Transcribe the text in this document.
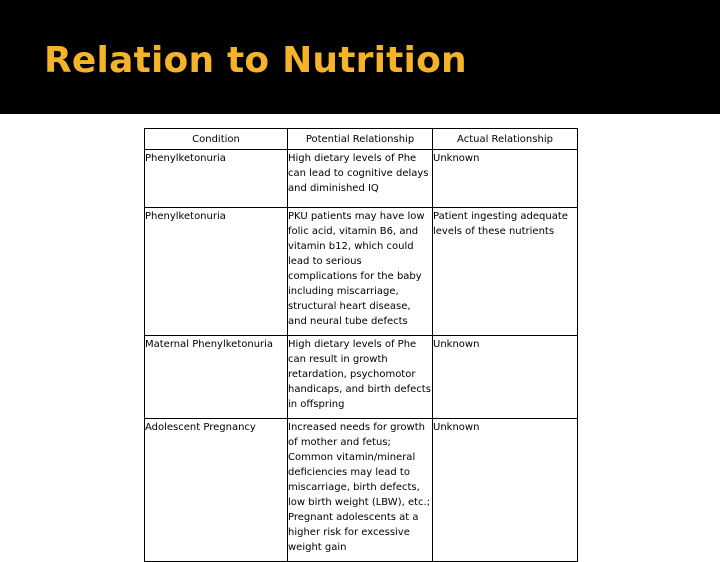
Relation to Nutrition
Condition	Potential Relationship	Actual Relationship
Phenylketonuria	High dietary levels of Phe can lead to cognitive delays and diminished IQ	Unknown
Phenylketonuria	PKU patients may have low folic acid, vitamin B6, and vitamin b12, which could lead to serious complications for the baby including miscarriage, structural heart disease, and neural tube defects	Patient ingesting adequate levels of these nutrients
Maternal Phenylketonuria	High dietary levels of Phe can result in growth retardation, psychomotor handicaps, and birth defects in offspring	Unknown
Adolescent Pregnancy	Increased needs for growth of mother and fetus; Common vitamin/mineral deficiencies may lead to miscarriage, birth defects, low birth weight (LBW), etc.; Pregnant adolescents at a higher risk for excessive weight gain	Unknown
